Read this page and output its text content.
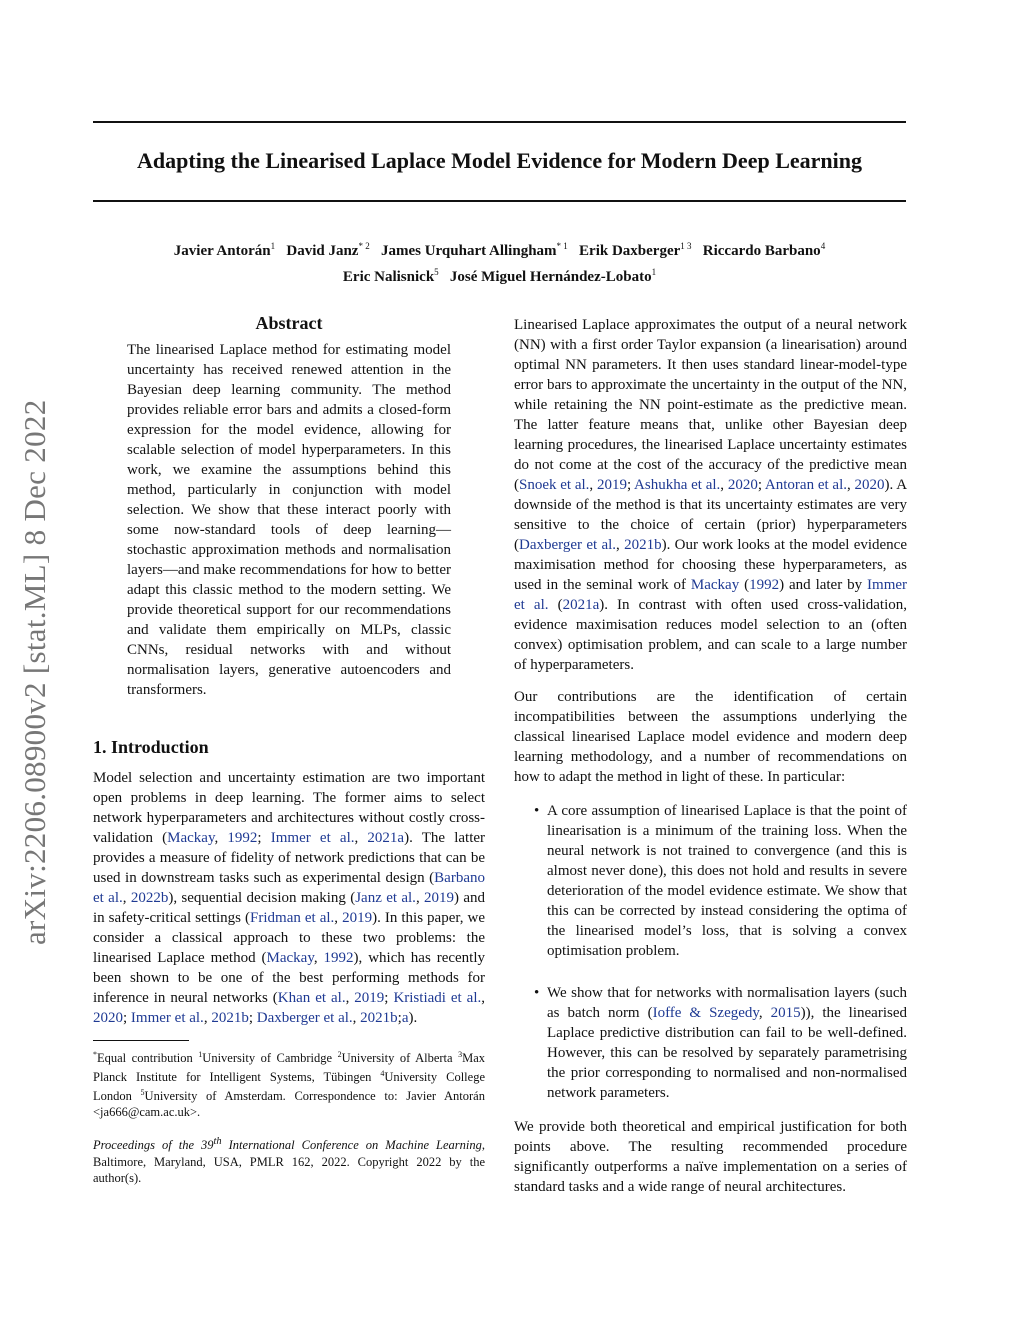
Adapting the Linearised Laplace Model Evidence for Modern Deep Learning
Javier Antorán$^1$ David Janz$^{* 2}$ James Urquhart Allingham$^{* 1}$ Erik Daxberger$^{1 3}$ Riccardo Barbano$^4$
Eric Nalisnick$^5$ José Miguel Hernández-Lobato$^1$
arXiv:2206.08900v2 [stat.ML] 8 Dec 2022
Abstract

The linearised Laplace method for estimating model uncertainty has received renewed attention in the Bayesian deep learning community. The method provides reliable error bars and admits a closed-form expression for the model evidence, allowing for scalable selection of model hyperparameters. In this work, we examine the assumptions behind this method, particularly in conjunction with model selection. We show that these interact poorly with some now-standard tools of deep learning—stochastic approximation methods and normalisation layers—and make recommendations for how to better adapt this classic method to the modern setting. We provide theoretical support for our recommendations and validate them empirically on MLPs, classic CNNs, residual networks with and without normalisation layers, generative autoencoders and transformers.

1. Introduction

Model selection and uncertainty estimation are two important open problems in deep learning. The former aims to select network hyperparameters and architectures without costly cross-validation (Mackay, 1992; Immer et al., 2021a). The latter provides a measure of fidelity of network predictions that can be used in downstream tasks such as experimental design (Barbano et al., 2022b), sequential decision making (Janz et al., 2019) and in safety-critical settings (Fridman et al., 2019). In this paper, we consider a classical approach to these two problems: the linearised Laplace method (Mackay, 1992), which has recently been shown to be one of the best performing methods for inference in neural networks (Khan et al., 2019; Kristiadi et al., 2020; Immer et al., 2021b; Daxberger et al., 2021b;a).

*Equal contribution $^1$University of Cambridge $^2$University of Alberta $^3$Max Planck Institute for Intelligent Systems, Tübingen $^4$University College London $^5$University of Amsterdam. Correspondence to: Javier Antorán <ja666@cam.ac.uk>.

Proceedings of the 39th International Conference on Machine Learning, Baltimore, Maryland, USA, PMLR 162, 2022. Copyright 2022 by the author(s).

Linearised Laplace approximates the output of a neural network (NN) with a first order Taylor expansion (a linearisation) around optimal NN parameters. It then uses standard linear-model-type error bars to approximate the uncertainty in the output of the NN, while retaining the NN point-estimate as the predictive mean. The latter feature means that, unlike other Bayesian deep learning procedures, the linearised Laplace uncertainty estimates do not come at the cost of the accuracy of the predictive mean (Snoek et al., 2019; Ashukha et al., 2020; Antoran et al., 2020). A downside of the method is that its uncertainty estimates are very sensitive to the choice of certain (prior) hyperparameters (Daxberger et al., 2021b). Our work looks at the model evidence maximisation method for choosing these hyperparameters, as used in the seminal work of Mackay (1992) and later by Immer et al. (2021a). In contrast with often used cross-validation, evidence maximisation reduces model selection to an (often convex) optimisation problem, and can scale to a large number of hyperparameters.

Our contributions are the identification of certain incompatibilities between the assumptions underlying the classical linearised Laplace model evidence and modern deep learning methodology, and a number of recommendations on how to adapt the method in light of these. In particular:

• A core assumption of linearised Laplace is that the point of linearisation is a minimum of the training loss. When the neural network is not trained to convergence (and this is almost never done), this does not hold and results in severe deterioration of the model evidence estimate. We show that this can be corrected by instead considering the optima of the linearised model’s loss, that is solving a convex optimisation problem.
• We show that for networks with normalisation layers (such as batch norm (Ioffe & Szegedy, 2015)), the linearised Laplace predictive distribution can fail to be well-defined. However, this can be resolved by separately parametrising the prior corresponding to normalised and non-normalised network parameters.

We provide both theoretical and empirical justification for both points above. The resulting recommended procedure significantly outperforms a naïve implementation on a series of standard tasks and a wide range of neural architectures.
